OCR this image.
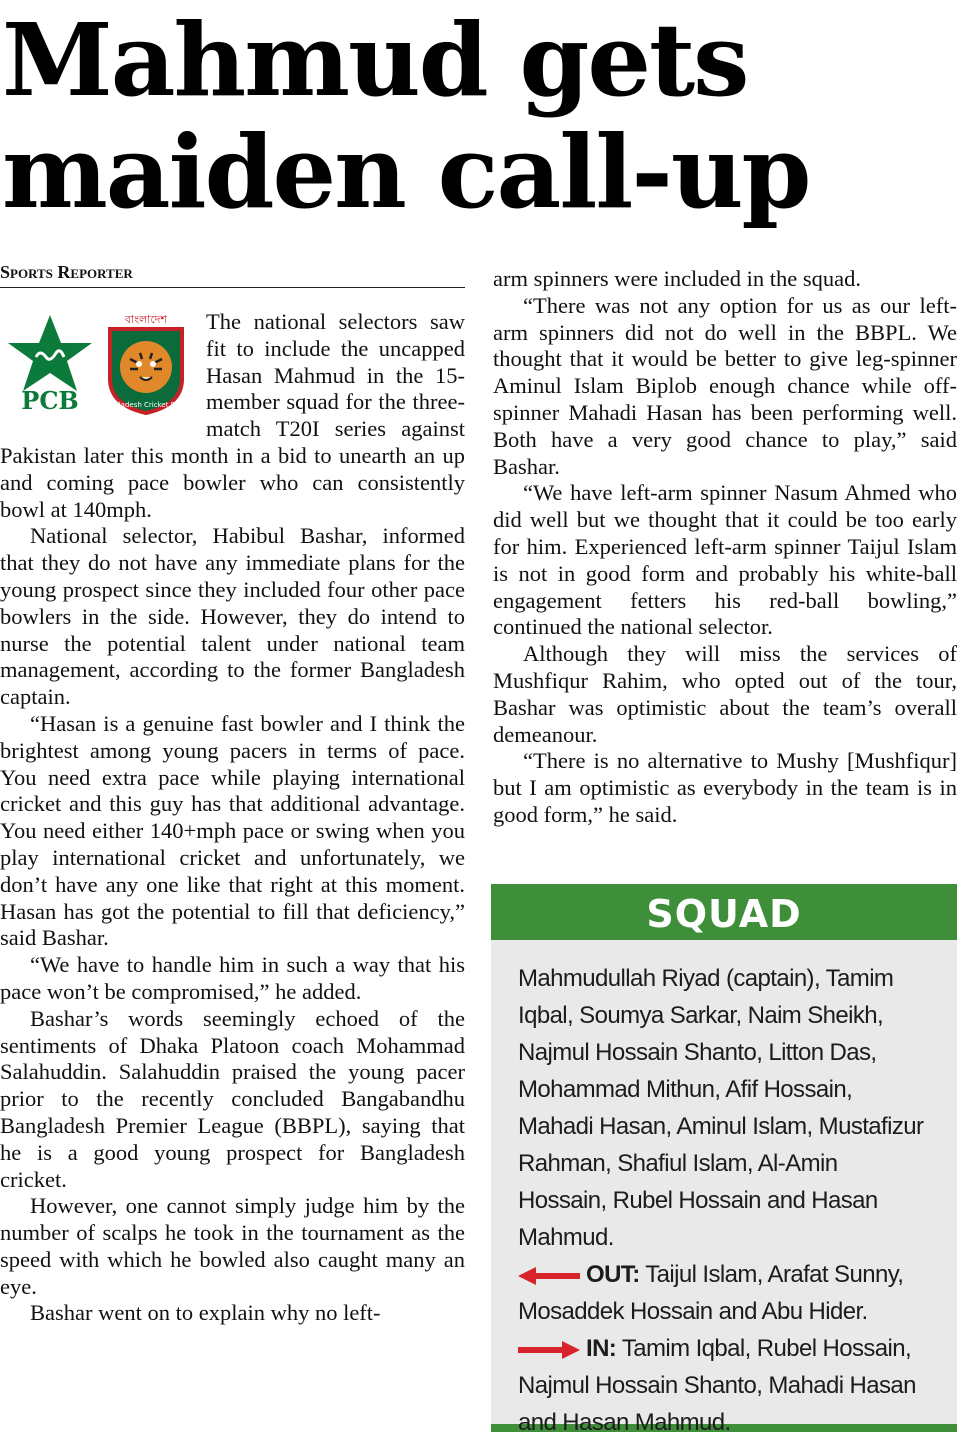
Mahmud gets
maiden call-up
Sports Reporter
PCB
বাংলাদেশ
Bangladesh Cricket Board

The national selectors saw fit to include the uncapped Hasan Mahmud in the 15-member squad for the three-match T20I series against Pakistan later this month in a bid to unearth an up and coming pace bowler who can consistently bowl at 140mph.

National selector, Habibul Bashar, informed that they do not have any immediate plans for the young prospect since they included four other pace bowlers in the side. However, they do intend to nurse the potential talent under national team management, according to the former Bangladesh captain.

“Hasan is a genuine fast bowler and I think the brightest among young pacers in terms of pace. You need extra pace while playing international cricket and this guy has that additional advantage. You need either 140+mph pace or swing when you play international cricket and unfortunately, we don’t have any one like that right at this moment. Hasan has got the potential to fill that deficiency,” said Bashar.

“We have to handle him in such a way that his pace won’t be compromised,” he added.

Bashar’s words seemingly echoed of the sentiments of Dhaka Platoon coach Mohammad Salahuddin. Salahuddin praised the young pacer prior to the recently concluded Bangabandhu Bangladesh Premier League (BBPL), saying that he is a good young prospect for Bangladesh cricket.

However, one cannot simply judge him by the number of scalps he took in the tournament as the speed with which he bowled also caught many an eye.

Bashar went on to explain why no left-

arm spinners were included in the squad.

“There was not any option for us as our left-arm spinners did not do well in the BBPL. We thought that it would be better to give leg-spinner Aminul Islam Biplob enough chance while off-spinner Mahadi Hasan has been performing well. Both have a very good chance to play,” said Bashar.

“We have left-arm spinner Nasum Ahmed who did well but we thought that it could be too early for him. Experienced left-arm spinner Taijul Islam is not in good form and probably his white-ball engagement fetters his red-ball bowling,” continued the national selector.

Although they will miss the services of Mushfiqur Rahim, who opted out of the tour, Bashar was optimistic about the team’s overall demeanour.

“There is no alternative to Mushy [Mushfiqur] but I am optimistic as everybody in the team is in good form,” he said.

SQUAD

Mahmudullah Riyad (captain), Tamim Iqbal, Soumya Sarkar, Naim Sheikh, Najmul Hossain Shanto, Litton Das, Mohammad Mithun, Afif Hossain, Mahadi Hasan, Aminul Islam, Mustafizur Rahman, Shafiul Islam, Al-Amin Hossain, Rubel Hossain and Hasan Mahmud.

OUT: Taijul Islam, Arafat Sunny, Mosaddek Hossain and Abu Hider.

IN: Tamim Iqbal, Rubel Hossain, Najmul Hossain Shanto, Mahadi Hasan and Hasan Mahmud.
